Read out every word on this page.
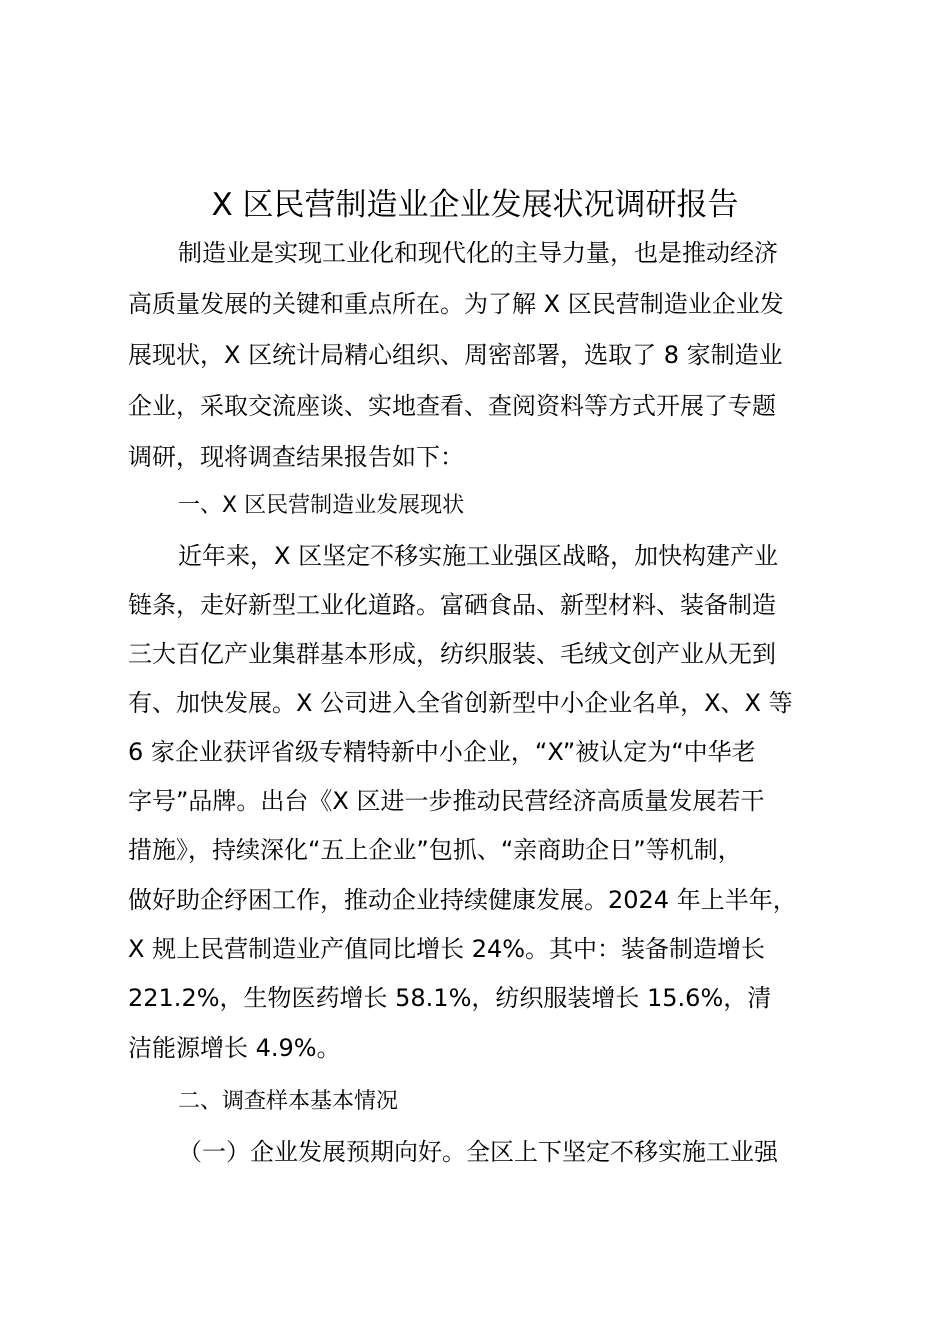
X 区民营制造业企业发展状况调研报告

制造业是实现工业化和现代化的主导力量，也是推动经济

高质量发展的关键和重点所在。为了解 X 区民营制造业企业发

展现状，X 区统计局精心组织、周密部署，选取了 8 家制造业

企业，采取交流座谈、实地查看、查阅资料等方式开展了专题

调研，现将调查结果报告如下：

一、X 区民营制造业发展现状

近年来，X 区坚定不移实施工业强区战略，加快构建产业

链条，走好新型工业化道路。富硒食品、新型材料、装备制造

三大百亿产业集群基本形成，纺织服装、毛绒文创产业从无到

有、加快发展。X 公司进入全省创新型中小企业名单，X、X 等

6 家企业获评省级专精特新中小企业，“X”被认定为“中华老

字号”品牌。出台《X 区进一步推动民营经济高质量发展若干

措施》，持续深化“五上企业”包抓、“亲商助企日”等机制，

做好助企纾困工作，推动企业持续健康发展。2024 年上半年，

X 规上民营制造业产值同比增长 24%。其中：装备制造增长

221.2%，生物医药增长 58.1%，纺织服装增长 15.6%，清

洁能源增长 4.9%。

二、调查样本基本情况

（一）企业发展预期向好。全区上下坚定不移实施工业强
